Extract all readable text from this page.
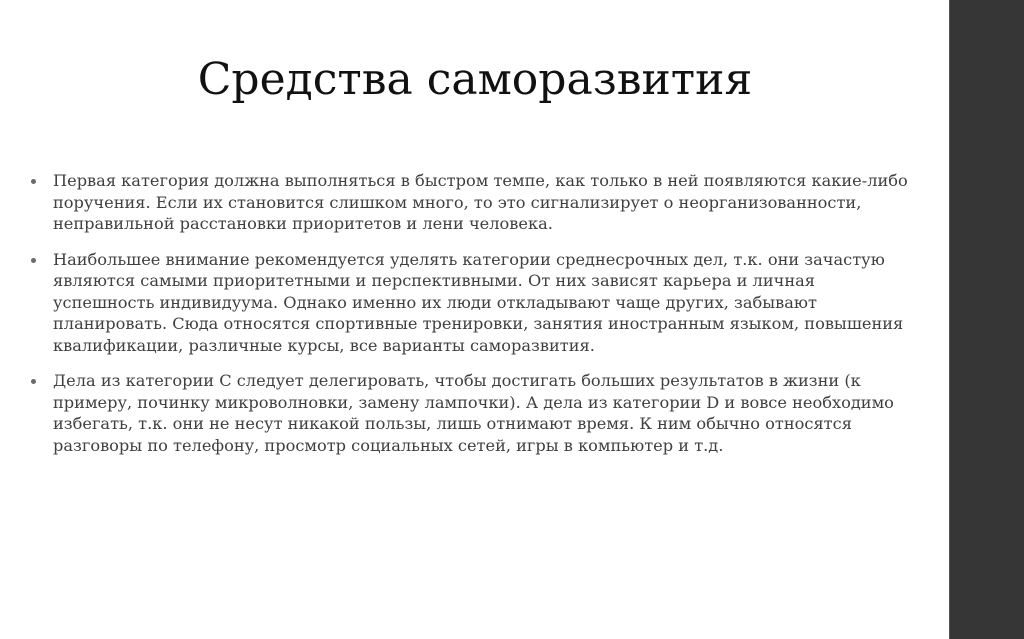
Средства саморазвития
Первая категория должна выполняться в быстром темпе, как только в ней появляются какие-либо поручения. Если их становится слишком много, то это сигнализирует о неорганизованности, неправильной расстановки приоритетов и лени человека.
Наибольшее внимание рекомендуется уделять категории среднесрочных дел, т.к. они зачастую являются самыми приоритетными и перспективными. От них зависят карьера и личная успешность индивидуума. Однако именно их люди откладывают чаще других, забывают планировать. Сюда относятся спортивные тренировки, занятия иностранным языком, повышения квалификации, различные курсы, все варианты саморазвития.
Дела из категории С следует делегировать, чтобы достигать больших результатов в жизни (к примеру, починку микроволновки, замену лампочки). А дела из категории D и вовсе необходимо избегать, т.к. они не несут никакой пользы, лишь отнимают время. К ним обычно относятся разговоры по телефону, просмотр социальных сетей, игры в компьютер и т.д.
